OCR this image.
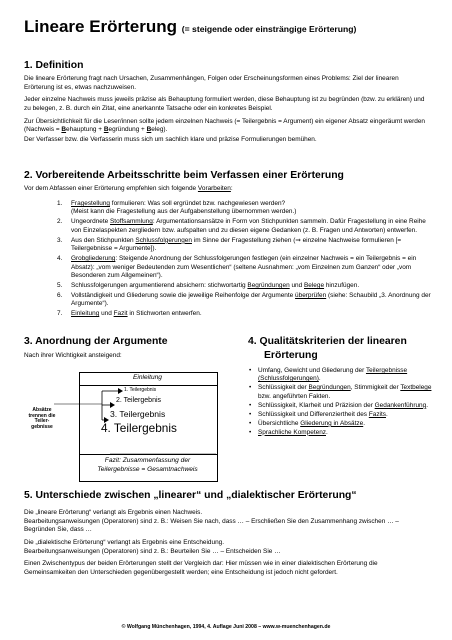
Lineare Erörterung (= steigende oder einsträngige Erörterung)
1. Definition

Die lineare Erörterung fragt nach Ursachen, Zusammenhängen, Folgen oder Erscheinungsformen eines Problems: Ziel der linearen Erörterung ist es, etwas nachzuweisen.

Jeder einzelne Nachweis muss jeweils präzise als Behauptung formuliert werden, diese Behauptung ist zu begründen (bzw. zu erklären) und zu belegen, z. B. durch ein Zitat, eine anerkannte Tatsache oder ein konkretes Beispiel.

Zur Übersichtlichkeit für die Leser/innen sollte jedem einzelnen Nachweis (= Teilergebnis = Argument) ein eigener Absatz eingeräumt werden (Nachweis = Behauptung + Begründung + Beleg).

Der Verfasser bzw. die Verfasserin muss sich um sachlich klare und präzise Formulierungen bemühen.

2. Vorbereitende Arbeitsschritte beim Verfassen einer Erörterung
Vor dem Abfassen einer Erörterung empfehlen sich folgende Vorarbeiten:
1.	Fragestellung formulieren: Was soll ergründet bzw. nachgewiesen werden?
(Meist kann die Fragestellung aus der Aufgabenstellung übernommen werden.)
2.	Ungeordnete Stoffsammlung: Argumentationsansätze in Form von Stichpunkten sammeln. Dafür Fragestellung in eine Reihe von Einzelaspekten zergliedern bzw. aufspalten und zu diesen eigene Gedanken (z. B. Fragen und Antworten) entwerfen.
3.	Aus den Stichpunkten Schlussfolgerungen im Sinne der Fragestellung ziehen (⇒ einzelne Nachweise formulieren [= Teilergebnisse = Argumente]).
4.	Grobgliederung: Steigende Anordnung der Schlussfolgerungen festlegen (ein einzelner Nachweis = ein Teilergebnis = ein Absatz): „vom weniger Bedeutenden zum Wesentlichen“ (seltene Ausnahmen: „vom Einzelnen zum Ganzen“ oder „vom Besonderen zum Allgemeinen“).
5.	Schlussfolgerungen argumentierend absichern: stichwortartig Begründungen und Belege hinzufügen.
6.	Vollständigkeit und Gliederung sowie die jeweilige Reihenfolge der Argumente überprüfen (siehe: Schaubild „3. Anordnung der Argumente“).
7.	Einleitung und Fazit in Stichworten entwerfen.
3. Anordnung der Argumente
Nach ihrer Wichtigkeit ansteigend:
Einleitung
Absätze trennen die Teiler-gebnisse
1. Teilergebnis
2. Teilergebnis
3. Teilergebnis
4. Teilergebnis
Fazit: Zusammenfassung der
Teilergebnisse = Gesamtnachweis
4. Qualitätskriterien der linearen
Erörterung
• Umfang, Gewicht und Gliederung der Teilergebnisse (Schlussfolgerungen).
• Schlüssigkeit der Begründungen, Stimmigkeit der Textbelege bzw. angeführten Fakten.
• Schlüssigkeit, Klarheit und Präzision der Gedankenführung.
• Schlüssigkeit und Differenziertheit des Fazits.
• Übersichtliche Gliederung in Absätze.
• Sprachliche Kompetenz.
5. Unterschiede zwischen „linearer“ und „dialektischer Erörterung“

Die „lineare Erörterung“ verlangt als Ergebnis einen Nachweis.
Bearbeitungsanweisungen (Operatoren) sind z. B.: Weisen Sie nach, dass … – Erschließen Sie den Zusammenhang zwischen … – Begründen Sie, dass …

Die „dialektische Erörterung“ verlangt als Ergebnis eine Entscheidung.
Bearbeitungsanweisungen (Operatoren) sind z. B.: Beurteilen Sie … – Entscheiden Sie …

Einen Zwischentypus der beiden Erörterungen stellt der Vergleich dar: Hier müssen wie in einer dialektischen Erörterung die Gemeinsamkeiten den Unterschieden gegenübergestellt werden; eine Entscheidung ist jedoch nicht gefordert.

© Wolfgang Münchenhagen, 1994, 4. Auflage Juni 2008 – www.w-muenchenhagen.de
